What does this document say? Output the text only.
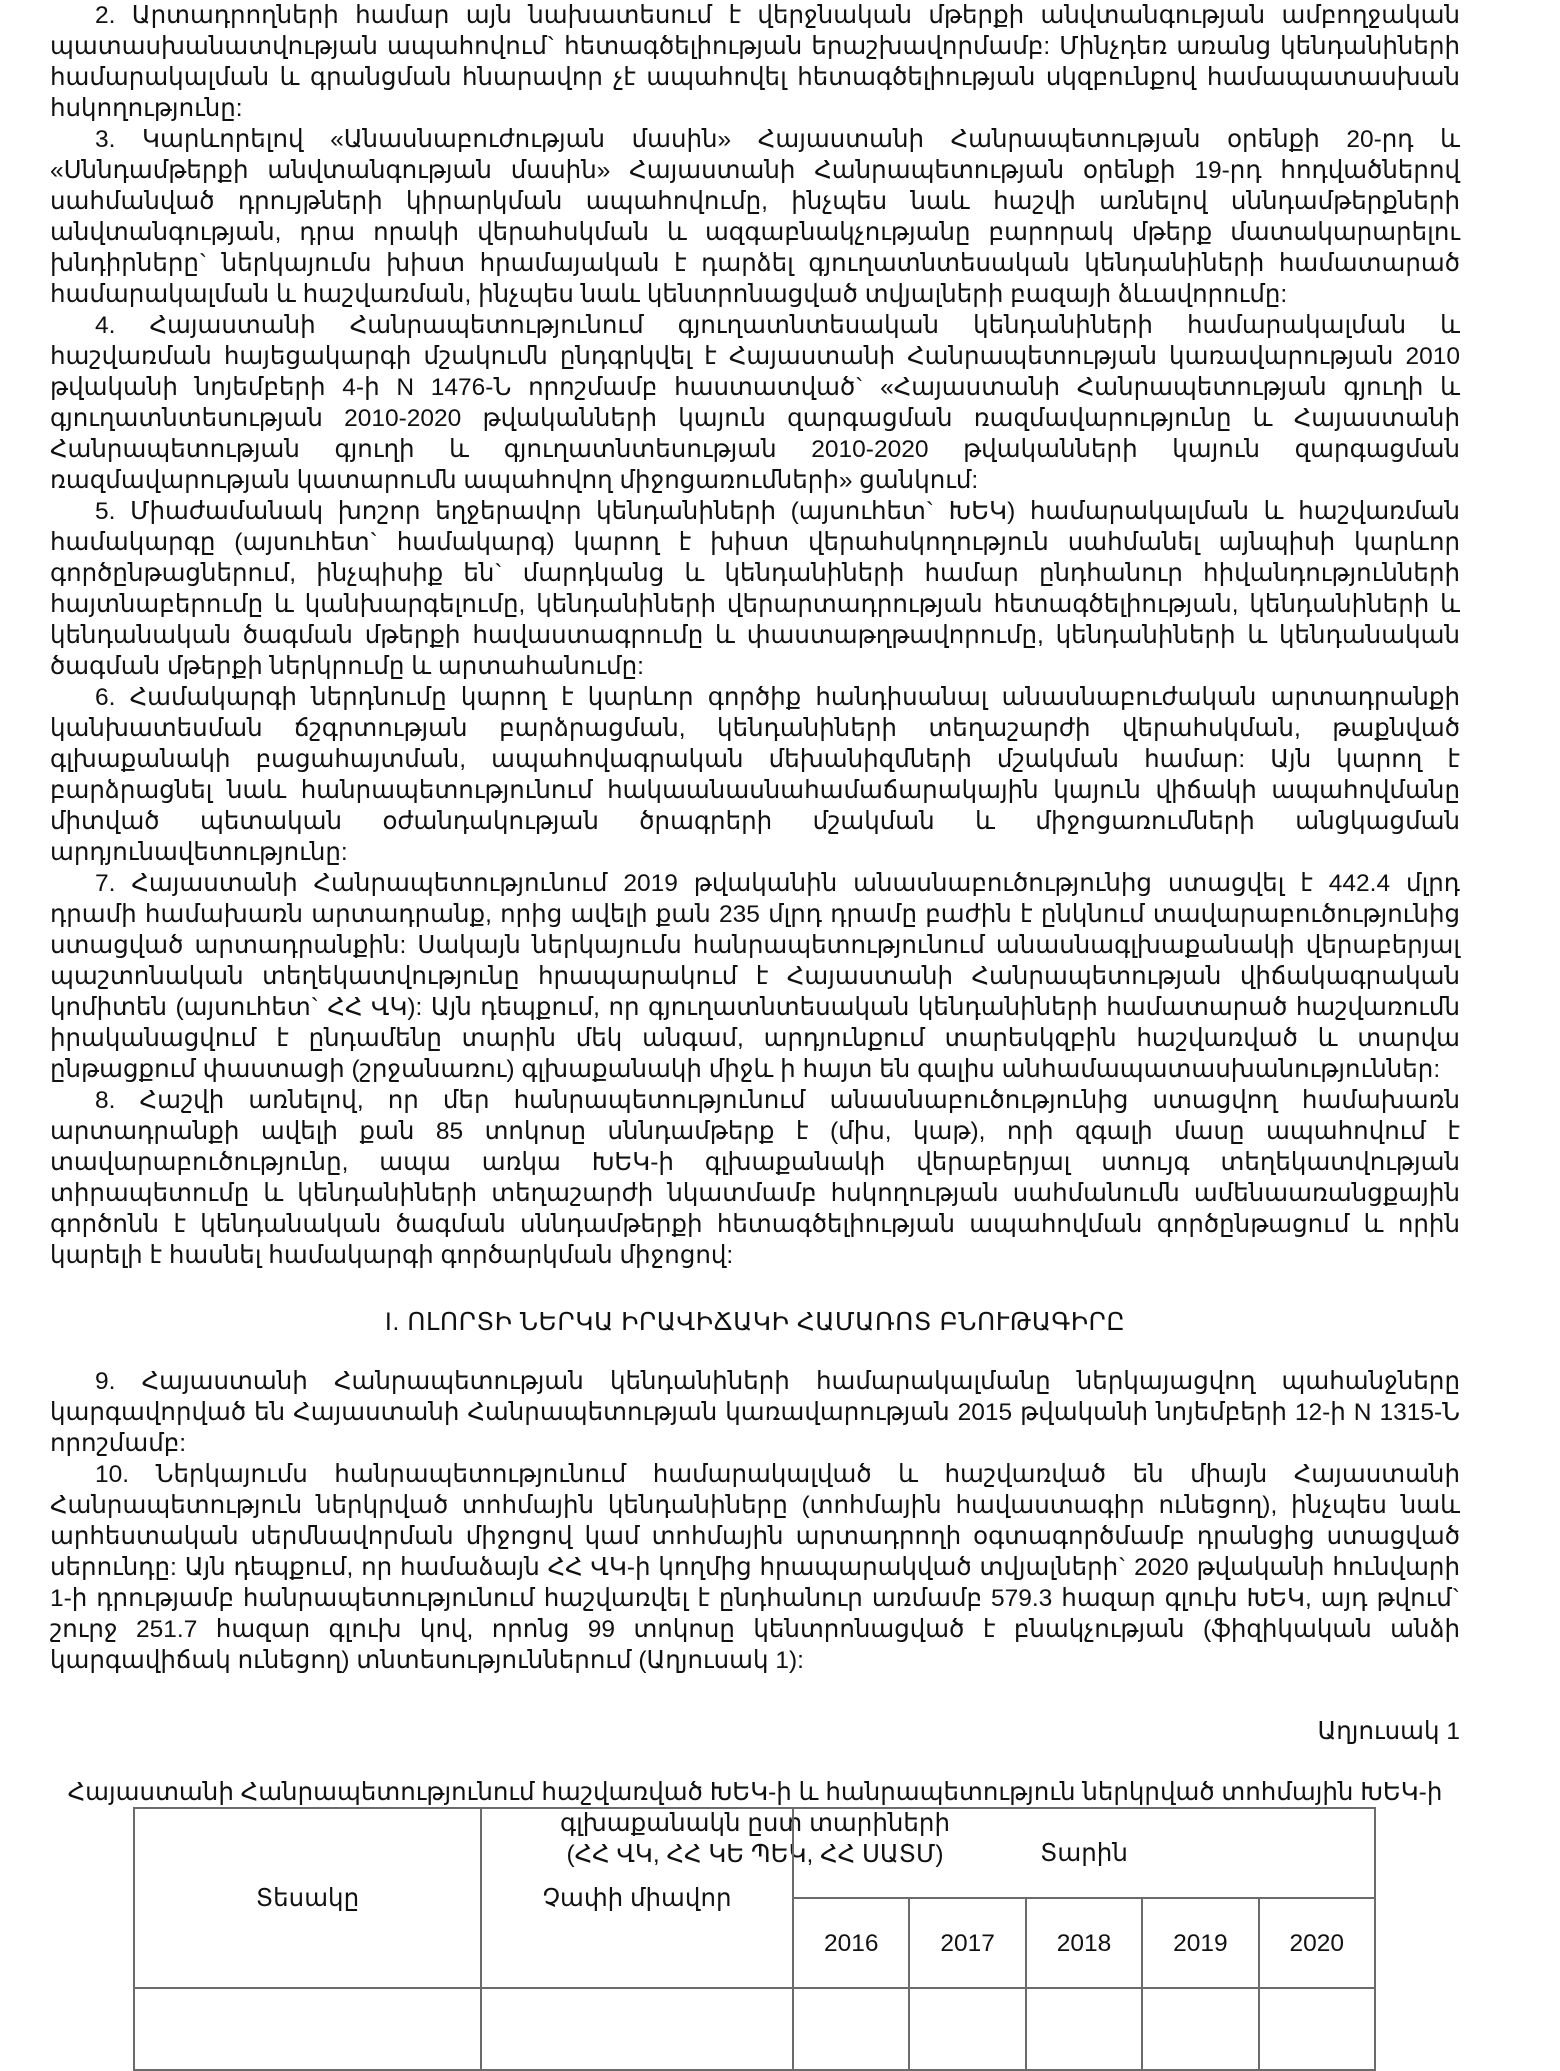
2. Արտադրողների համար այն նախատեսում է վերջնական մթերքի անվտանգության ամբողջական պատասխանատվության ապահովում` հետագծելիության երաշխավորմամբ: Մինչդեռ առանց կենդանիների համարակալման և գրանցման հնարավոր չէ ապահովել հետագծելիության սկզբունքով համապատասխան հսկողությունը:

3. Կարևորելով «Անասնաբուժության մասին» Հայաստանի Հանրապետության օրենքի 20-րդ և «Սննդամթերքի անվտանգության մասին» Հայաստանի Հանրապետության օրենքի 19-րդ հոդվածներով սահմանված դրույթների կիրարկման ապահովումը, ինչպես նաև հաշվի առնելով սննդամթերքների անվտանգության, դրա որակի վերահսկման և ազգաբնակչությանը բարորակ մթերք մատակարարելու խնդիրները` ներկայումս խիստ հրամայական է դարձել գյուղատնտեսական կենդանիների համատարած համարակալման և հաշվառման, ինչպես նաև կենտրոնացված տվյալների բազայի ձևավորումը:

4. Հայաստանի Հանրապետությունում գյուղատնտեսական կենդանիների համարակալման և հաշվառման հայեցակարգի մշակումն ընդգրկվել է Հայաստանի Հանրապետության կառավարության 2010 թվականի նոյեմբերի 4-ի N 1476-Ն որոշմամբ հաստատված` «Հայաստանի Հանրապետության գյուղի և գյուղատնտեսության 2010-2020 թվականների կայուն զարգացման ռազմավարությունը և Հայաստանի Հանրապետության գյուղի և գյուղատնտեսության 2010-2020 թվականների կայուն զարգացման ռազմավարության կատարումն ապահովող միջոցառումների» ցանկում:

5. Միաժամանակ խոշոր եղջերավոր կենդանիների (այսուհետ` ԽԵԿ) համարակալման և հաշվառման համակարգը (այսուհետ` համակարգ) կարող է խիստ վերահսկողություն սահմանել այնպիսի կարևոր գործընթացներում, ինչպիսիք են` մարդկանց և կենդանիների համար ընդհանուր հիվանդությունների հայտնաբերումը և կանխարգելումը, կենդանիների վերարտադրության հետագծելիության, կենդանիների և կենդանական ծագման մթերքի հավաստագրումը և փաստաթղթավորումը, կենդանիների և կենդանական ծագման մթերքի ներկրումը և արտահանումը:

6. Համակարգի ներդնումը կարող է կարևոր գործիք հանդիսանալ անասնաբուժական արտադրանքի կանխատեսման ճշգրտության բարձրացման, կենդանիների տեղաշարժի վերահսկման, թաքնված գլխաքանակի բացահայտման, ապահովագրական մեխանիզմների մշակման համար: Այն կարող է բարձրացնել նաև հանրապետությունում հակաանասնահամաճարակային կայուն վիճակի ապահովմանը միտված պետական օժանդակության ծրագրերի մշակման և միջոցառումների անցկացման արդյունավետությունը:

7. Հայաստանի Հանրապետությունում 2019 թվականին անասնաբուծությունից ստացվել է 442.4 մլրդ դրամի համախառն արտադրանք, որից ավելի քան 235 մլրդ դրամը բաժին է ընկնում տավարաբուծությունից ստացված արտադրանքին: Սակայն ներկայումս հանրապետությունում անասնագլխաքանակի վերաբերյալ պաշտոնական տեղեկատվությունը հրապարակում է Հայաստանի Հանրապետության վիճակագրական կոմիտեն (այսուհետ` ՀՀ ՎԿ): Այն դեպքում, որ գյուղատնտեսական կենդանիների համատարած հաշվառումն իրականացվում է ընդամենը տարին մեկ անգամ, արդյունքում տարեսկզբին հաշվառված և տարվա ընթացքում փաստացի (շրջանառու) գլխաքանակի միջև ի հայտ են գալիս անհամապատասխանություններ:

8. Հաշվի առնելով, որ մեր հանրապետությունում անասնաբուծությունից ստացվող համախառն արտադրանքի ավելի քան 85 տոկոսը սննդամթերք է (միս, կաթ), որի զգալի մասը ապահովում է տավարաբուծությունը, ապա առկա ԽԵԿ-ի գլխաքանակի վերաբերյալ ստույգ տեղեկատվության տիրապետումը և կենդանիների տեղաշարժի նկատմամբ հսկողության սահմանումն ամենաառանցքային գործոնն է կենդանական ծագման սննդամթերքի հետագծելիության ապահովման գործընթացում և որին կարելի է հասնել համակարգի գործարկման միջոցով:

I. ՈԼՈՐՏԻ ՆԵՐԿԱ ԻՐԱՎԻՃԱԿԻ ՀԱՄԱՌՈՏ ԲՆՈՒԹԱԳԻՐԸ

9. Հայաստանի Հանրապետության կենդանիների համարակալմանը ներկայացվող պահանջները կարգավորված են Հայաստանի Հանրապետության կառավարության 2015 թվականի նոյեմբերի 12-ի N 1315-Ն որոշմամբ:

10. Ներկայումս հանրապետությունում համարակալված և հաշվառված են միայն Հայաստանի Հանրապետություն ներկրված տոհմային կենդանիները (տոհմային հավաստագիր ունեցող), ինչպես նաև արհեստական սերմնավորման միջոցով կամ տոհմային արտադրողի օգտագործմամբ դրանցից ստացված սերունդը: Այն դեպքում, որ համաձայն ՀՀ ՎԿ-ի կողմից հրապարակված տվյալների` 2020 թվականի հունվարի 1-ի դրությամբ հանրապետությունում հաշվառվել է ընդհանուր առմամբ 579.3 հազար գլուխ ԽԵԿ, այդ թվում` շուրջ 251.7 հազար գլուխ կով, որոնց 99 տոկոսը կենտրոնացված է բնակչության (ֆիզիկական անձի կարգավիճակ ունեցող) տնտեսություններում (Աղյուսակ 1):

Աղյուսակ 1
Հայաստանի Հանրապետությունում հաշվառված ԽԵԿ-ի և հանրապետություն ներկրված տոհմային ԽԵԿ-ի
գլխաքանակն ըստ տարիների
(ՀՀ ՎԿ, ՀՀ ԿԵ ՊԵԿ, ՀՀ ՍԱՏՄ)
Տեսակը	Չափի միավոր	Տարին				
		2016	2017	2018	2019	2020
